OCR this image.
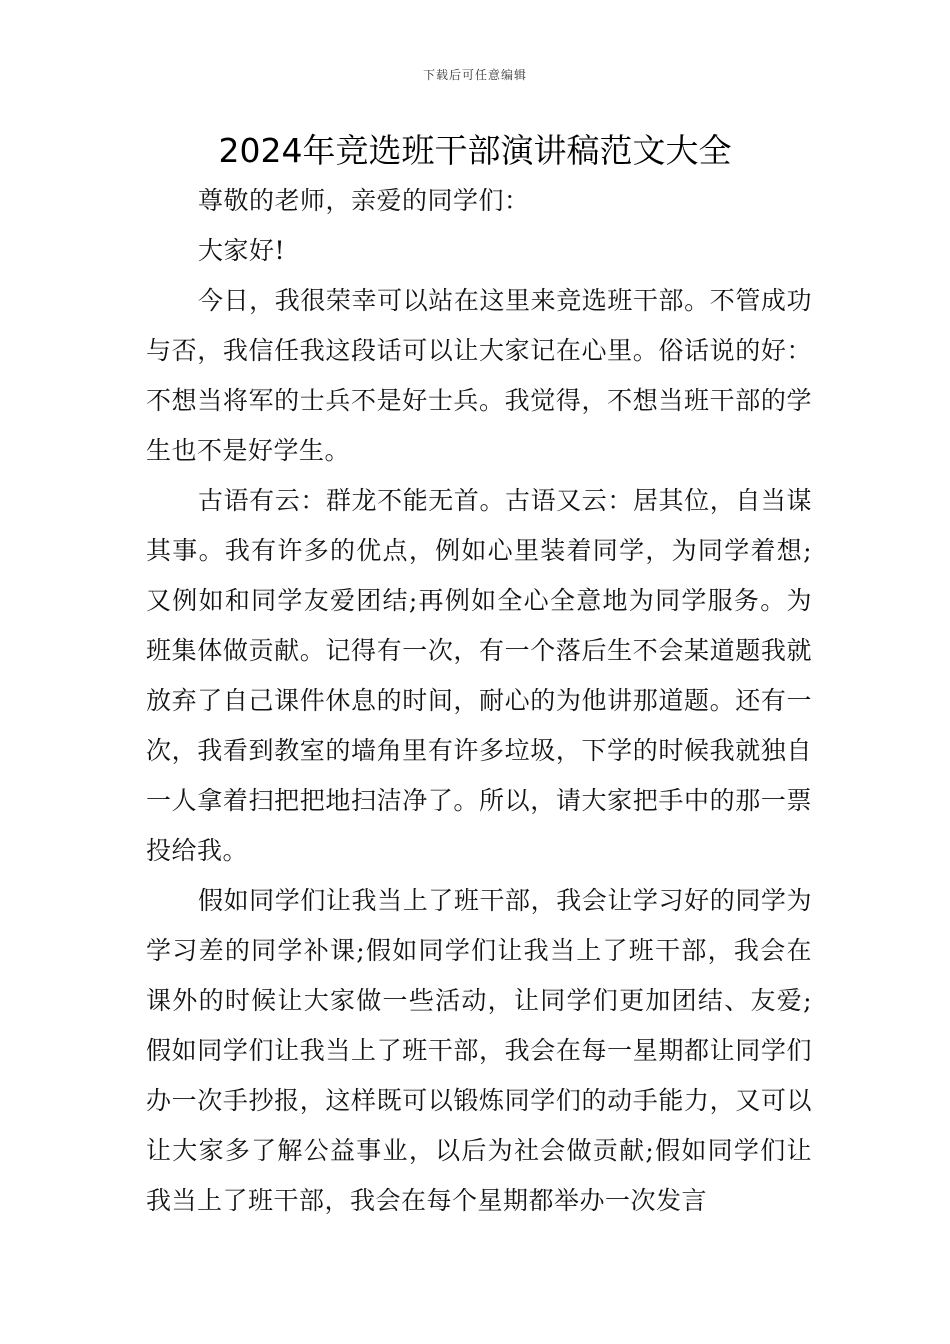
下载后可任意编辑
2024年竞选班干部演讲稿范文大全

尊敬的老师，亲爱的同学们：

大家好!

今日，我很荣幸可以站在这里来竞选班干部。不管成功与否，我信任我这段话可以让大家记在心里。俗话说的好：不想当将军的士兵不是好士兵。我觉得，不想当班干部的学生也不是好学生。

古语有云：群龙不能无首。古语又云：居其位，自当谋其事。我有许多的优点，例如心里装着同学，为同学着想;又例如和同学友爱团结;再例如全心全意地为同学服务。为班集体做贡献。记得有一次，有一个落后生不会某道题我就放弃了自己课件休息的时间，耐心的为他讲那道题。还有一次，我看到教室的墙角里有许多垃圾，下学的时候我就独自一人拿着扫把把地扫洁净了。所以，请大家把手中的那一票投给我。

假如同学们让我当上了班干部，我会让学习好的同学为学习差的同学补课;假如同学们让我当上了班干部，我会在课外的时候让大家做一些活动，让同学们更加团结、友爱;假如同学们让我当上了班干部，我会在每一星期都让同学们办一次手抄报，这样既可以锻炼同学们的动手能力，又可以让大家多了解公益事业，以后为社会做贡献;假如同学们让我当上了班干部，我会在每个星期都举办一次发言
